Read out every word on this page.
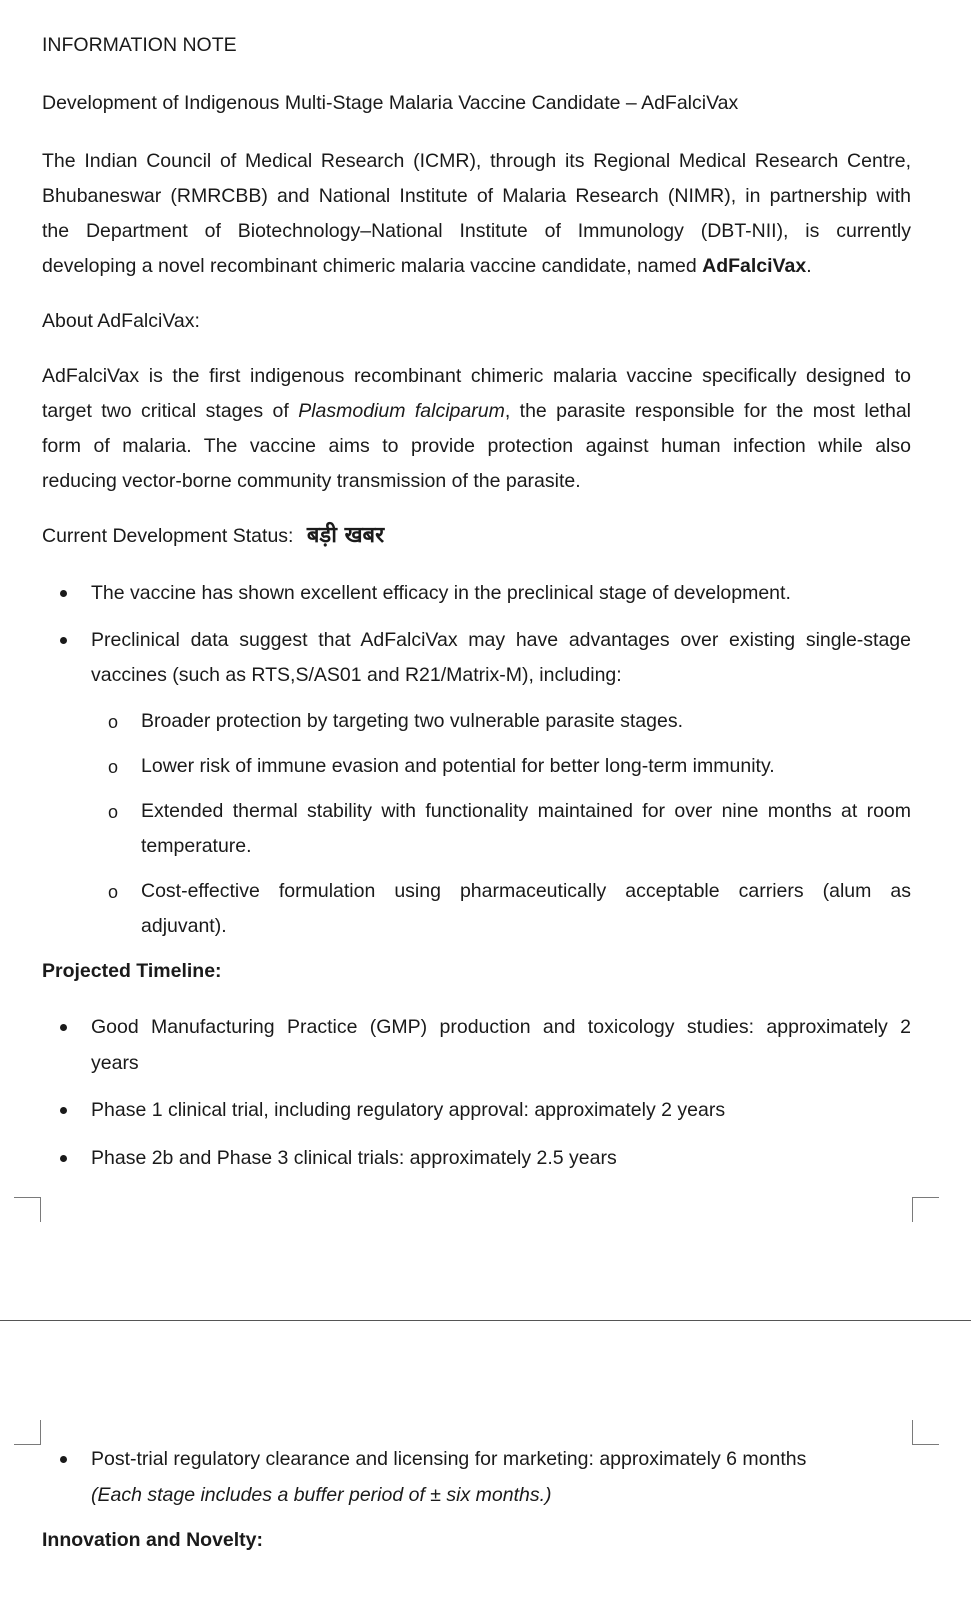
INFORMATION NOTE
Development of Indigenous Multi-Stage Malaria Vaccine Candidate – AdFalciVax
The Indian Council of Medical Research (ICMR), through its Regional Medical Research Centre,
Bhubaneswar (RMRCBB) and National Institute of Malaria Research (NIMR), in partnership with
the Department of Biotechnology–National Institute of Immunology (DBT-NII), is currently
developing a novel recombinant chimeric malaria vaccine candidate, named AdFalciVax.
About AdFalciVax:
AdFalciVax is the first indigenous recombinant chimeric malaria vaccine specifically designed to
target two critical stages of Plasmodium falciparum, the parasite responsible for the most lethal
form of malaria. The vaccine aims to provide protection against human infection while also
reducing vector-borne community transmission of the parasite.
Current Development Status: बड़ी खबर
The vaccine has shown excellent efficacy in the preclinical stage of development.
Preclinical data suggest that AdFalciVax may have advantages over existing single-stage
vaccines (such as RTS,S/AS01 and R21/Matrix-M), including:
o Broader protection by targeting two vulnerable parasite stages.
o Lower risk of immune evasion and potential for better long-term immunity.
o Extended thermal stability with functionality maintained for over nine months at room
temperature.
o Cost-effective formulation using pharmaceutically acceptable carriers (alum as
adjuvant).
Projected Timeline:
Good Manufacturing Practice (GMP) production and toxicology studies: approximately 2
years
Phase 1 clinical trial, including regulatory approval: approximately 2 years
Phase 2b and Phase 3 clinical trials: approximately 2.5 years
Post-trial regulatory clearance and licensing for marketing: approximately 6 months
(Each stage includes a buffer period of ± six months.)
Innovation and Novelty:
